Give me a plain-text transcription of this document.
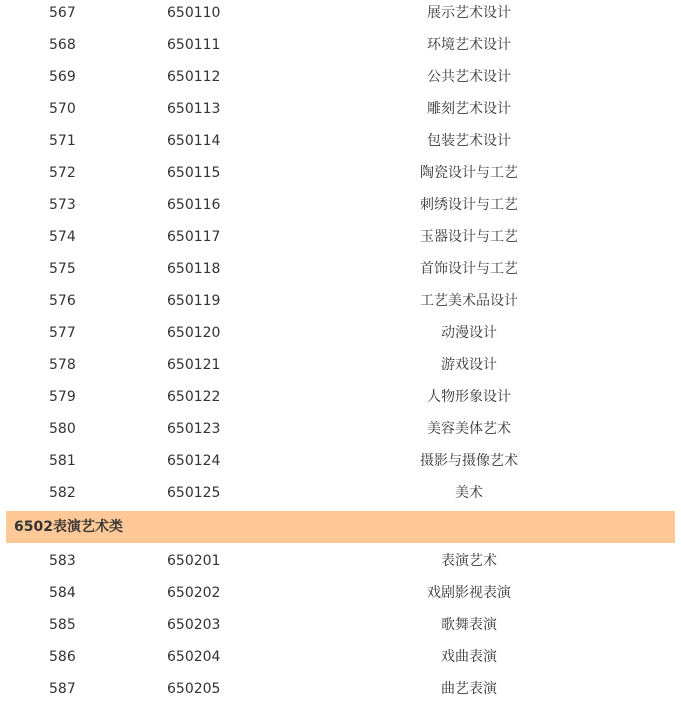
567	650110	展示艺术设计
568	650111	环境艺术设计
569	650112	公共艺术设计
570	650113	雕刻艺术设计
571	650114	包装艺术设计
572	650115	陶瓷设计与工艺
573	650116	刺绣设计与工艺
574	650117	玉器设计与工艺
575	650118	首饰设计与工艺
576	650119	工艺美术品设计
577	650120	动漫设计
578	650121	游戏设计
579	650122	人物形象设计
580	650123	美容美体艺术
581	650124	摄影与摄像艺术
582	650125	美术
6502表演艺术类
583	650201	表演艺术
584	650202	戏剧影视表演
585	650203	歌舞表演
586	650204	戏曲表演
587	650205	曲艺表演
